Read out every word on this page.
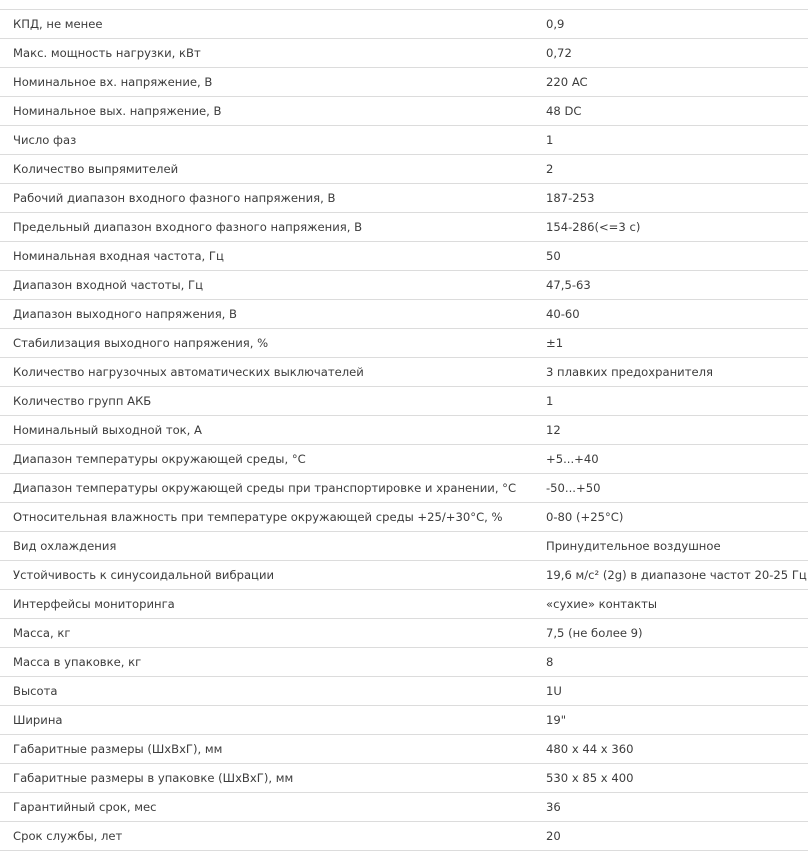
КПД, не менее	0,9
Макс. мощность нагрузки, кВт	0,72
Номинальное вх. напряжение, В	220 AC
Номинальное вых. напряжение, В	48 DC
Число фаз	1
Количество выпрямителей	2
Рабочий диапазон входного фазного напряжения, В	187-253
Предельный диапазон входного фазного напряжения, В	154-286(<=3 с)
Номинальная входная частота, Гц	50
Диапазон входной частоты, Гц	47,5-63
Диапазон выходного напряжения, В	40-60
Стабилизация выходного напряжения, %	±1
Количество нагрузочных автоматических выключателей	3 плавких предохранителя
Количество групп АКБ	1
Номинальный выходной ток, А	12
Диапазон температуры окружающей среды, °С	+5...+40
Диапазон температуры окружающей среды при транспортировке и хранении, °С	-50...+50
Относительная влажность при температуре окружающей среды +25/+30°С, %	0-80 (+25°С)
Вид охлаждения	Принудительное воздушное
Устойчивость к синусоидальной вибрации	19,6 м/с² (2g) в диапазоне частот 20-25 Гц
Интерфейсы мониторинга	«сухие» контакты
Масса, кг	7,5 (не более 9)
Масса в упаковке, кг	8
Высота	1U
Ширина	19"
Габаритные размеры (ШхВхГ), мм	480 х 44 х 360
Габаритные размеры в упаковке (ШхВхГ), мм	530 х 85 х 400
Гарантийный срок, мес	36
Срок службы, лет	20
